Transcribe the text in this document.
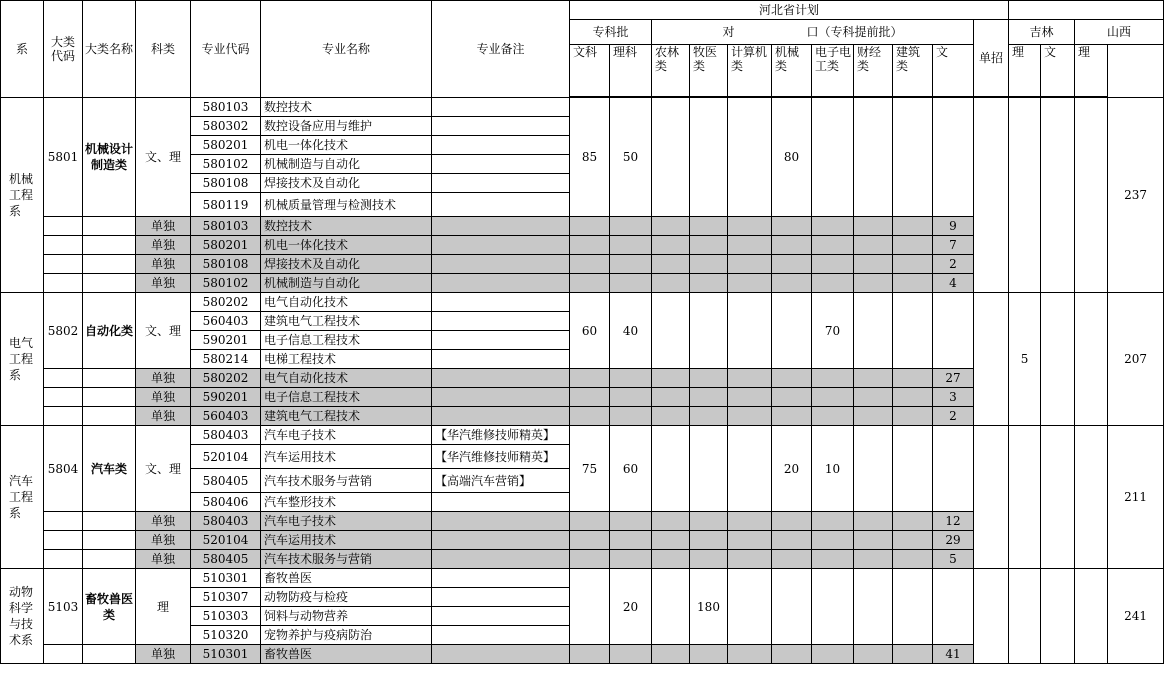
系	大类代码	大类名称	科类	专业代码	专业名称	专业备注	河北省计划		
							专科批		对　　　　　　口（专科提前批）								单招	吉林		山西		
							文科	理科	农林类	牧医类	计算机类	机械类	电子电工类	财经类	建筑类	文		理	文	理		

机械工程系	5801	机械设计制造类	文、理	580103	数控技术		85	50				80									237	
				580302	数控设备应用与维护																	
				580201	机电一体化技术																	
				580102	机械制造与自动化																	
				580108	焊接技术及自动化																	
				580119	机械质量管理与检测技术																	
			单独	580103	数控技术											9						
			单独	580201	机电一体化技术											7						
			单独	580108	焊接技术及自动化											2						
			单独	580102	机械制造与自动化											4						
电气工程系	5802	自动化类	文、理	580202	电气自动化技术		60	40					70					5			207	
				560403	建筑电气工程技术																	
				590201	电子信息工程技术																	
				580214	电梯工程技术																	
			单独	580202	电气自动化技术											27						
			单独	590201	电子信息工程技术											3						
			单独	560403	建筑电气工程技术											2						
汽车工程系	5804	汽车类	文、理	580403	汽车电子技术	【华汽维修技师精英】	75	60				20	10								211	
				520104	汽车运用技术	【华汽维修技师精英】																
				580405	汽车技术服务与营销	【高端汽车营销】																
				580406	汽车整形技术																	
			单独	580403	汽车电子技术											12						
			单独	520104	汽车运用技术											29						
			单独	580405	汽车技术服务与营销											5						
动物科学与技术系	5103	畜牧兽医类	理	510301	畜牧兽医			20		180											241	
				510307	动物防疫与检疫																	
				510303	饲料与动物营养																	
				510320	宠物养护与疫病防治																	
			单独	510301	畜牧兽医											41						
